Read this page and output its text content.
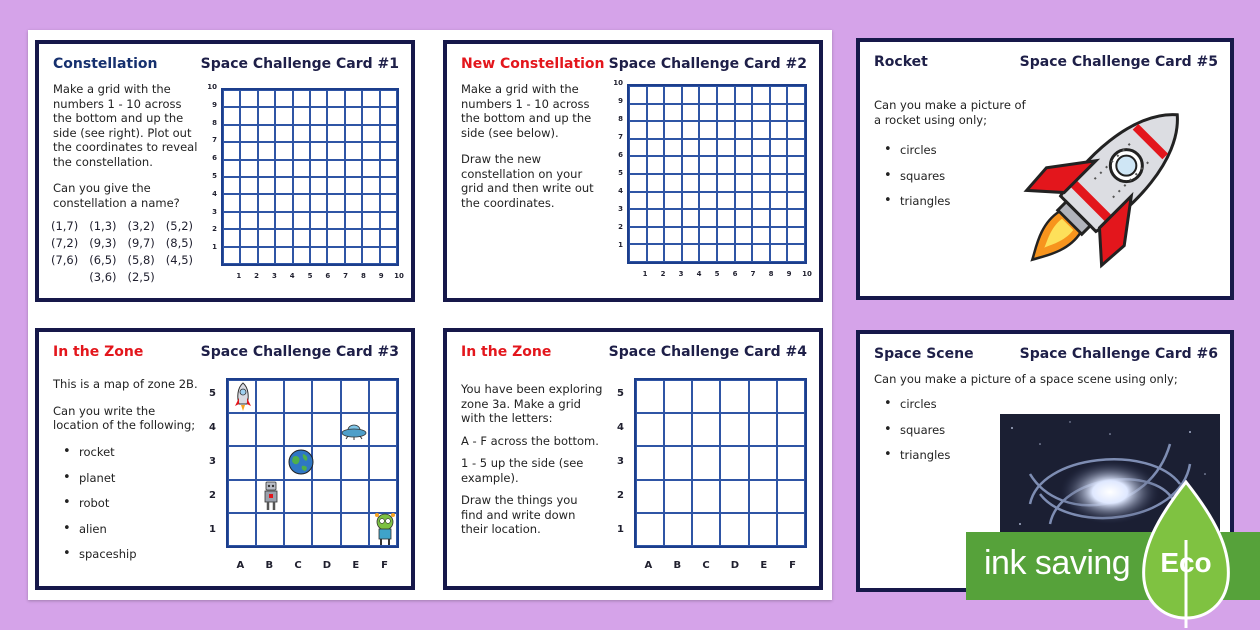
Constellation	Space Challenge Card #1

Make a grid with the numbers 1 - 10 across the bottom and up the side (see right). Plot out the coordinates to reveal the constellation.

Can you give the constellation a name?

(1,7) (1,3) (3,2) (5,2)
(7,2) (9,3) (9,7) (8,5)
(7,6) (6,5) (5,8) (4,5)
(3,6) (2,5)
1
2
3
4
5
6
7
8
9
10
1	2	3	4	5	6	7	8	9	10
New Constellation Space Challenge Card #2

Make a grid with the numbers 1 - 10 across the bottom and up the side (see below).

Draw the new constellation on your grid and then write out the coordinates.

1
2
3
4
5
6
7
8
9
10
1	2	3	4	5	6	7	8	9	10
In the Zone	Space Challenge Card #3

This is a map of zone 2B.

Can you write the location of the following;

• rocket
• planet
• robot
• alien
• spaceship
1
2
3
4
5
A	B	C	D	E	F
In the Zone	Space Challenge Card #4

You have been exploring zone 3a. Make a grid with the letters:

A - F across the bottom.

1 - 5 up the side (see example).

Draw the things you find and write down their location.	1
2
3
4
5
A	B	C	D	E	F
Rocket	Space Challenge Card #5
Can you make a picture of a rocket using only;
• circles
• squares
• triangles
Space Scene	Space Challenge Card #6
Can you make a picture of a space scene using only;
• circles
• squares
• triangles
ink saving Eco
